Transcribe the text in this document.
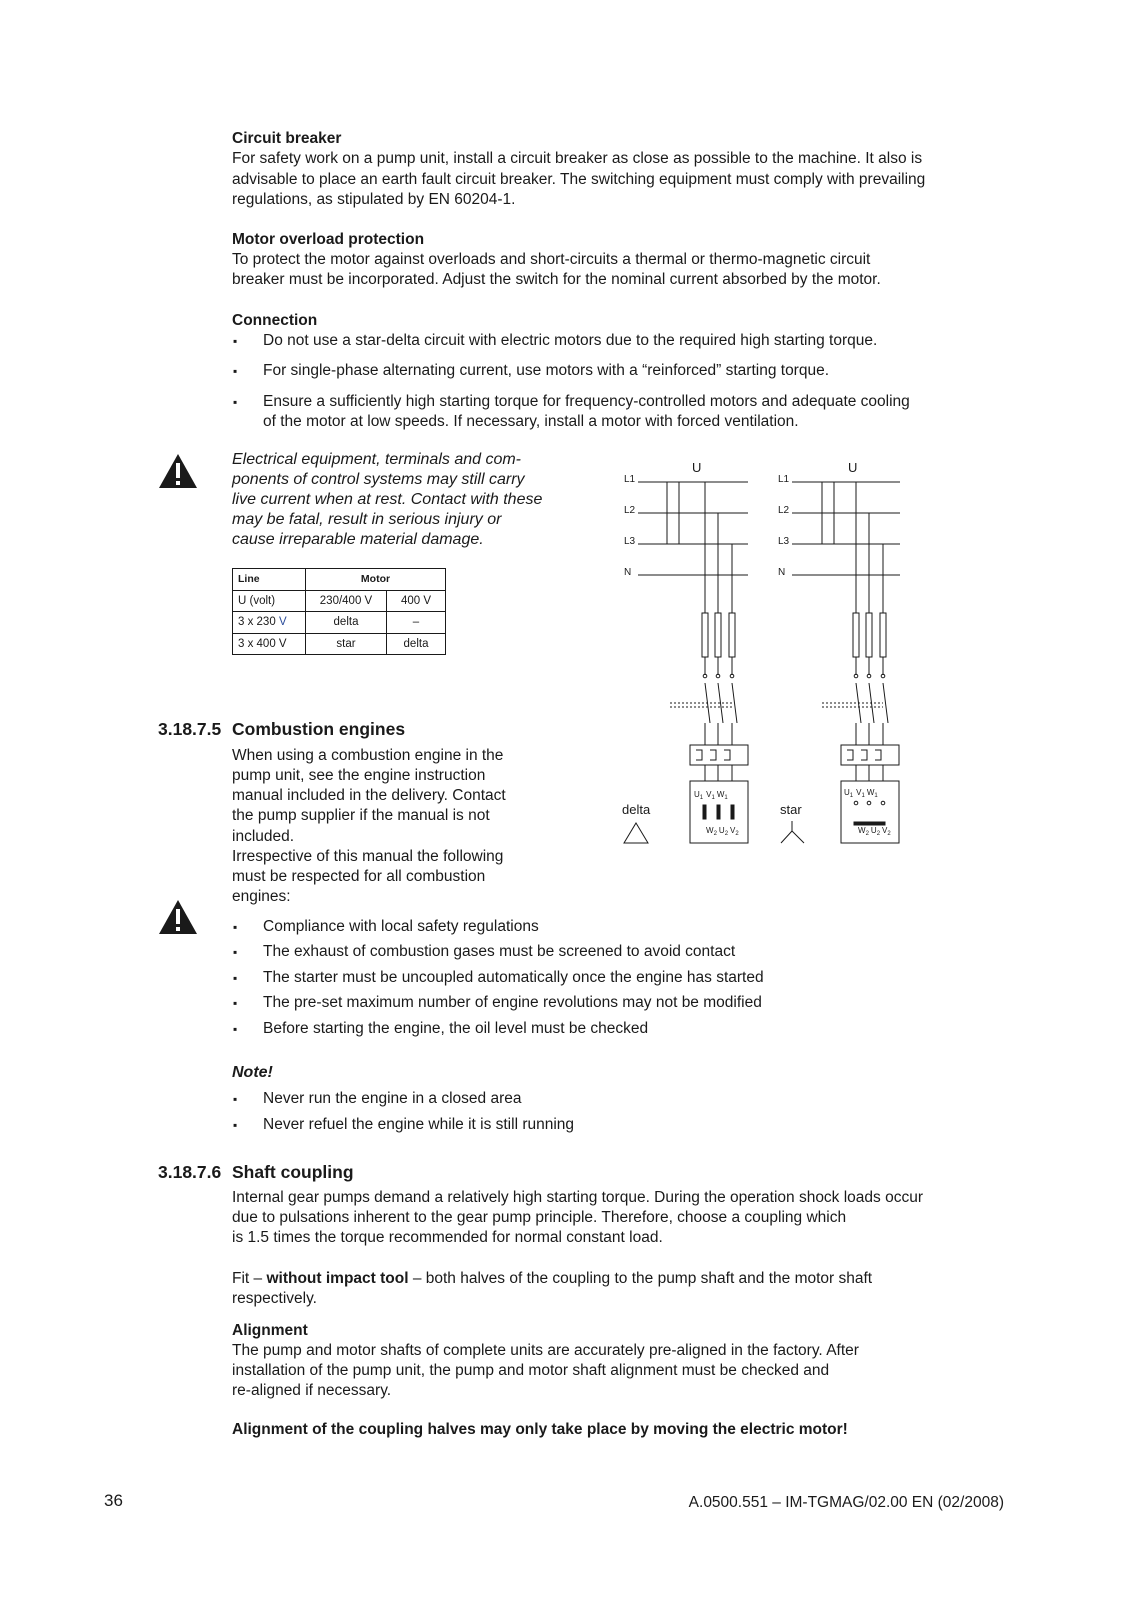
Circuit breaker
For safety work on a pump unit, install a circuit breaker as close as possible to the machine. It also is
advisable to place an earth fault circuit breaker. The switching equipment must comply with prevailing
regulations, as stipulated by EN 60204-1.
Motor overload protection
To protect the motor against overloads and short-circuits a thermal or thermo-magnetic circuit
breaker must be incorporated. Adjust the switch for the nominal current absorbed by the motor.
Connection
▪ Do not use a star-delta circuit with electric motors due to the required high starting torque.
▪ For single-phase alternating current, use motors with a “reinforced” starting torque.
▪ Ensure a sufficiently high starting torque for frequency-controlled motors and adequate cooling
of the motor at low speeds. If necessary, install a motor with forced ventilation.
Electrical equipment, terminals and com-
ponents of control systems may still carry
live current when at rest. Contact with these
may be fatal, result in serious injury or
cause irreparable material damage.
Line	Motor	
U (volt)	230/400 V	400 V
3 x 230 V	delta	–
3 x 400 V	star	delta
U
L1
L2
L3
N
$U_1$ $V_1$ $W_1$
$W_2$ $U_2$ $V_2$
delta
U
L1
L2
L3
N
$U_1$ $V_1$ $W_1$
$W_2$ $U_2$ $V_2$
star
3.18.7.5 Combustion engines
When using a combustion engine in the
pump unit, see the engine instruction
manual included in the delivery. Contact
the pump supplier if the manual is not
included.
Irrespective of this manual the following
must be respected for all combustion
engines:
▪ Compliance with local safety regulations
▪ The exhaust of combustion gases must be screened to avoid contact
▪ The starter must be uncoupled automatically once the engine has started
▪ The pre-set maximum number of engine revolutions may not be modified
▪ Before starting the engine, the oil level must be checked
Note!
▪ Never run the engine in a closed area
▪ Never refuel the engine while it is still running
3.18.7.6 Shaft coupling
Internal gear pumps demand a relatively high starting torque. During the operation shock loads occur
due to pulsations inherent to the gear pump principle. Therefore, choose a coupling which
is 1.5 times the torque recommended for normal constant load.
Fit – without impact tool – both halves of the coupling to the pump shaft and the motor shaft
respectively.
Alignment
The pump and motor shafts of complete units are accurately pre-aligned in the factory. After
installation of the pump unit, the pump and motor shaft alignment must be checked and
re-aligned if necessary.
Alignment of the coupling halves may only take place by moving the electric motor!
36	A.0500.551 – IM-TGMAG/02.00 EN (02/2008)
